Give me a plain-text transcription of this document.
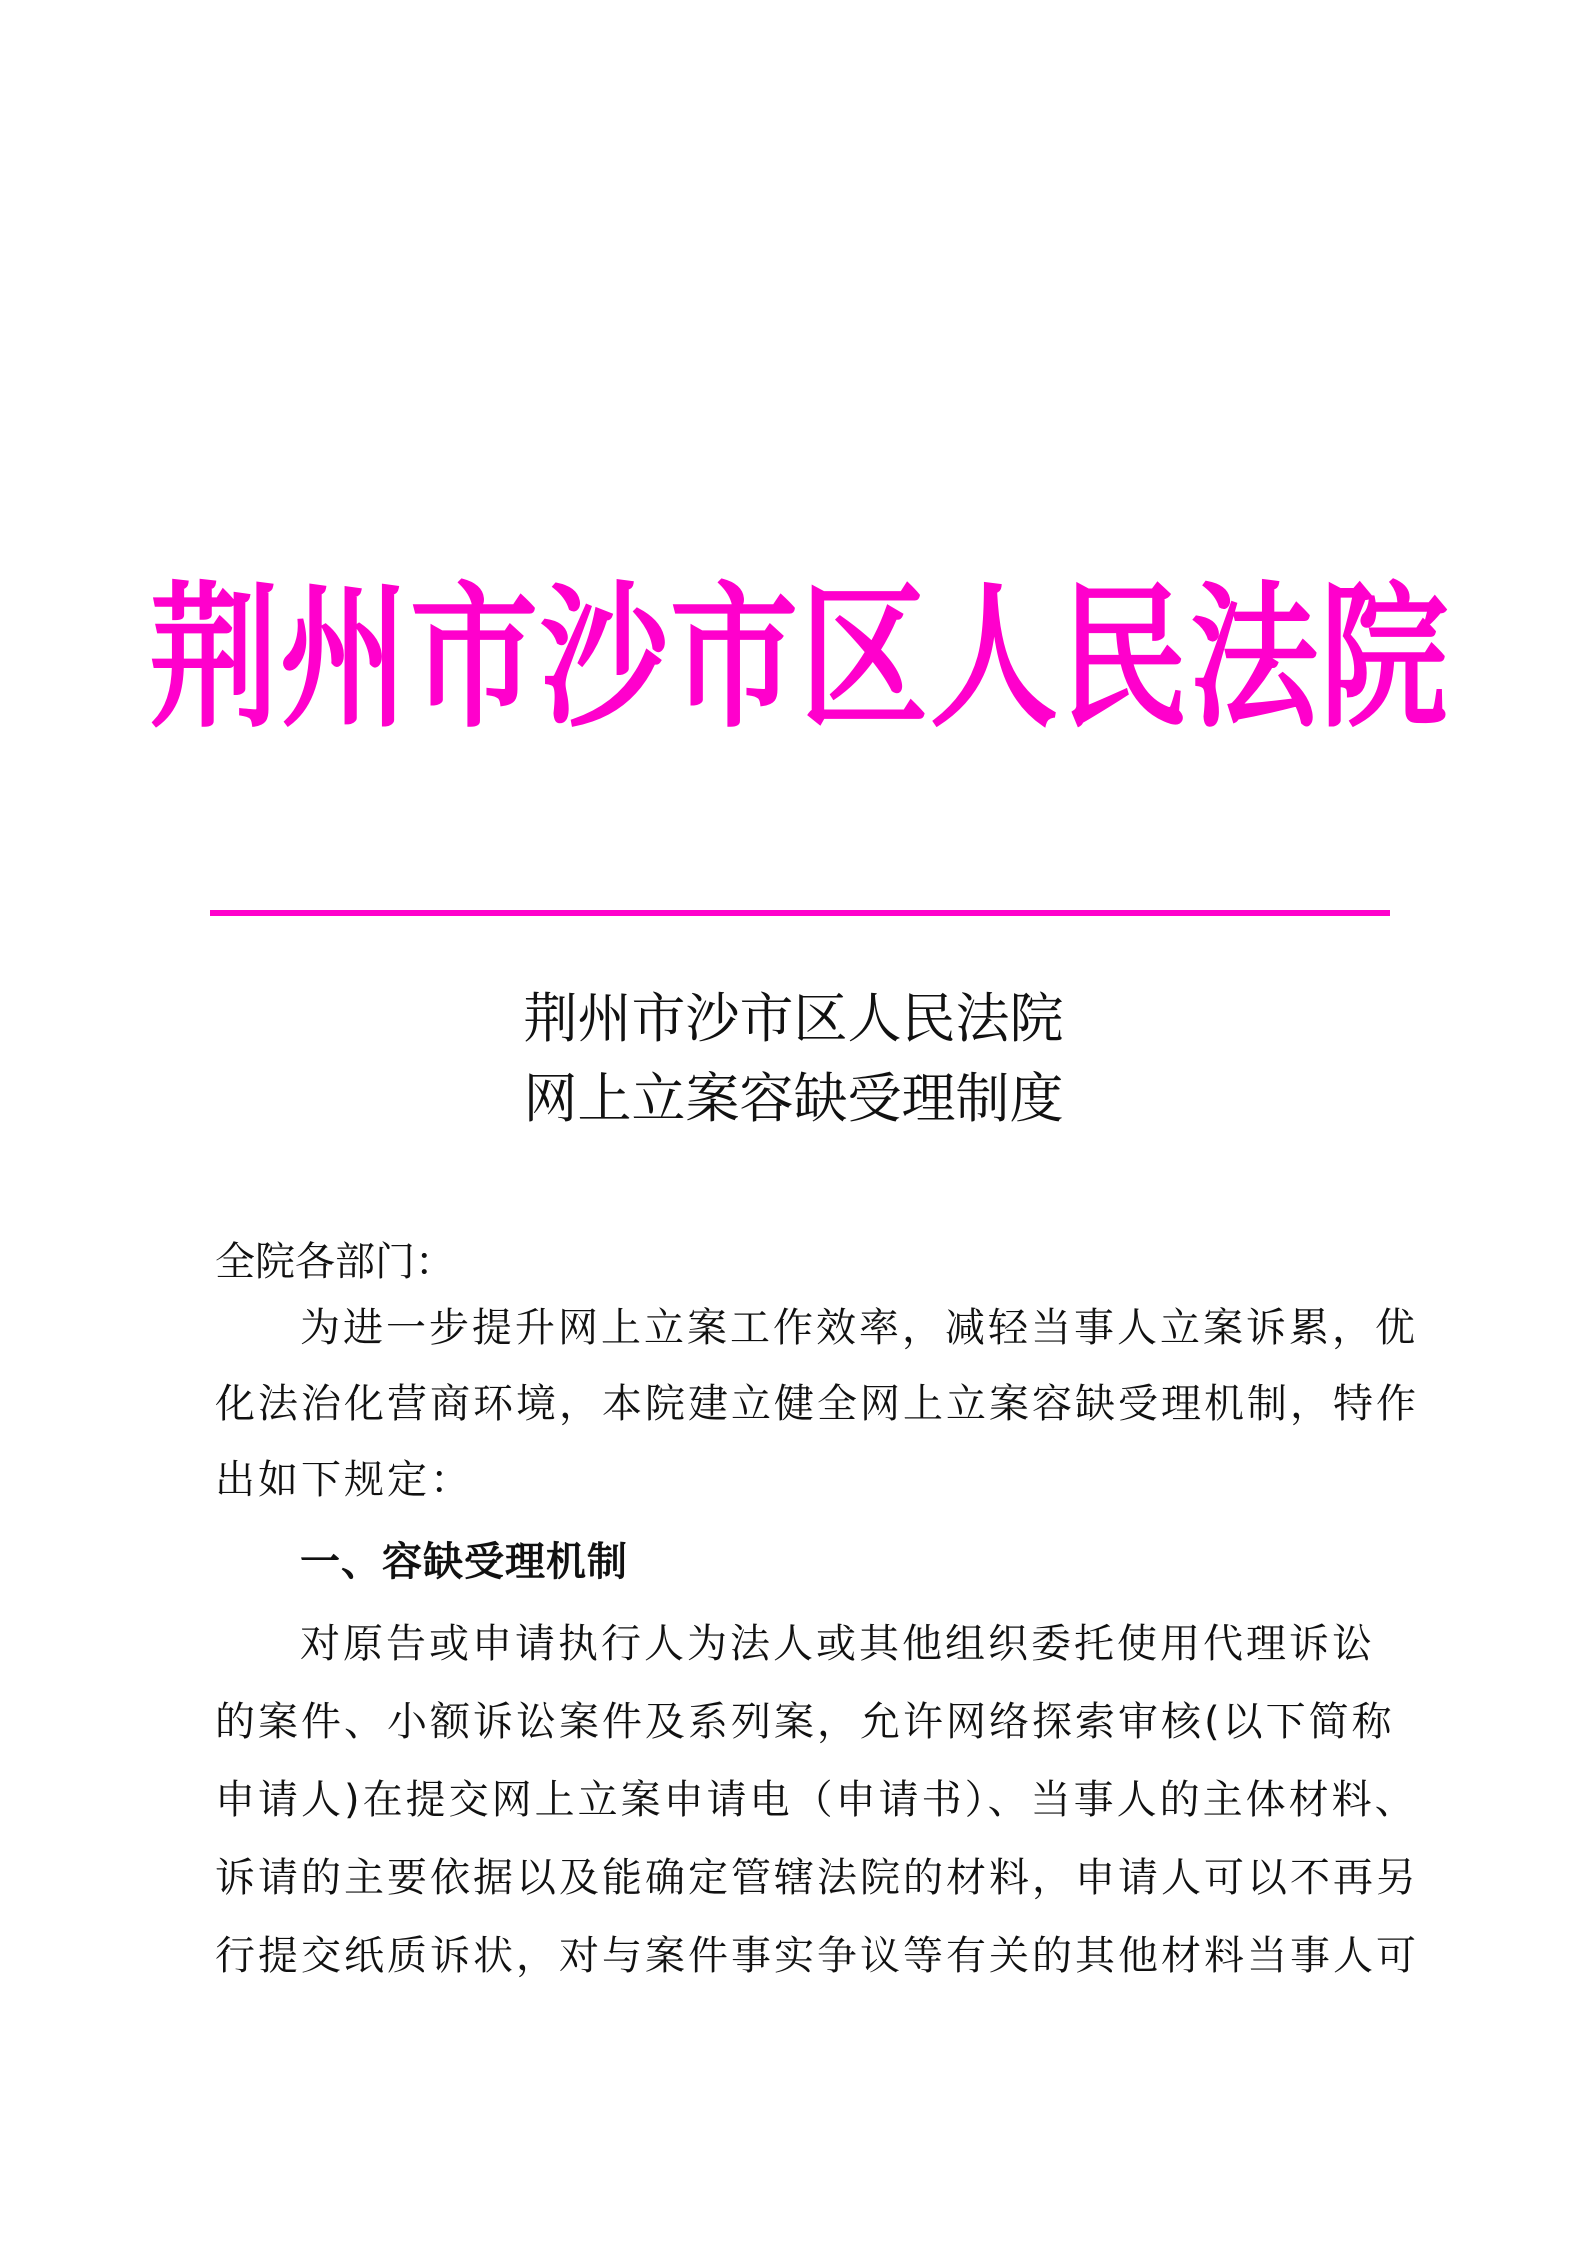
荆州市沙市区人民法院
荆州市沙市区人民法院
网上立案容缺受理制度
全院各部门：
为进一步提升网上立案工作效率，减轻当事人立案诉累，优
化法治化营商环境，本院建立健全网上立案容缺受理机制，特作
出如下规定：
一、容缺受理机制
对原告或申请执行人为法人或其他组织委托使用代理诉讼
的案件、小额诉讼案件及系列案，允许网络探索审核(以下简称
申请人)在提交网上立案申请电（申请书）、当事人的主体材料、
诉请的主要依据以及能确定管辖法院的材料，申请人可以不再另
行提交纸质诉状，对与案件事实争议等有关的其他材料当事人可
